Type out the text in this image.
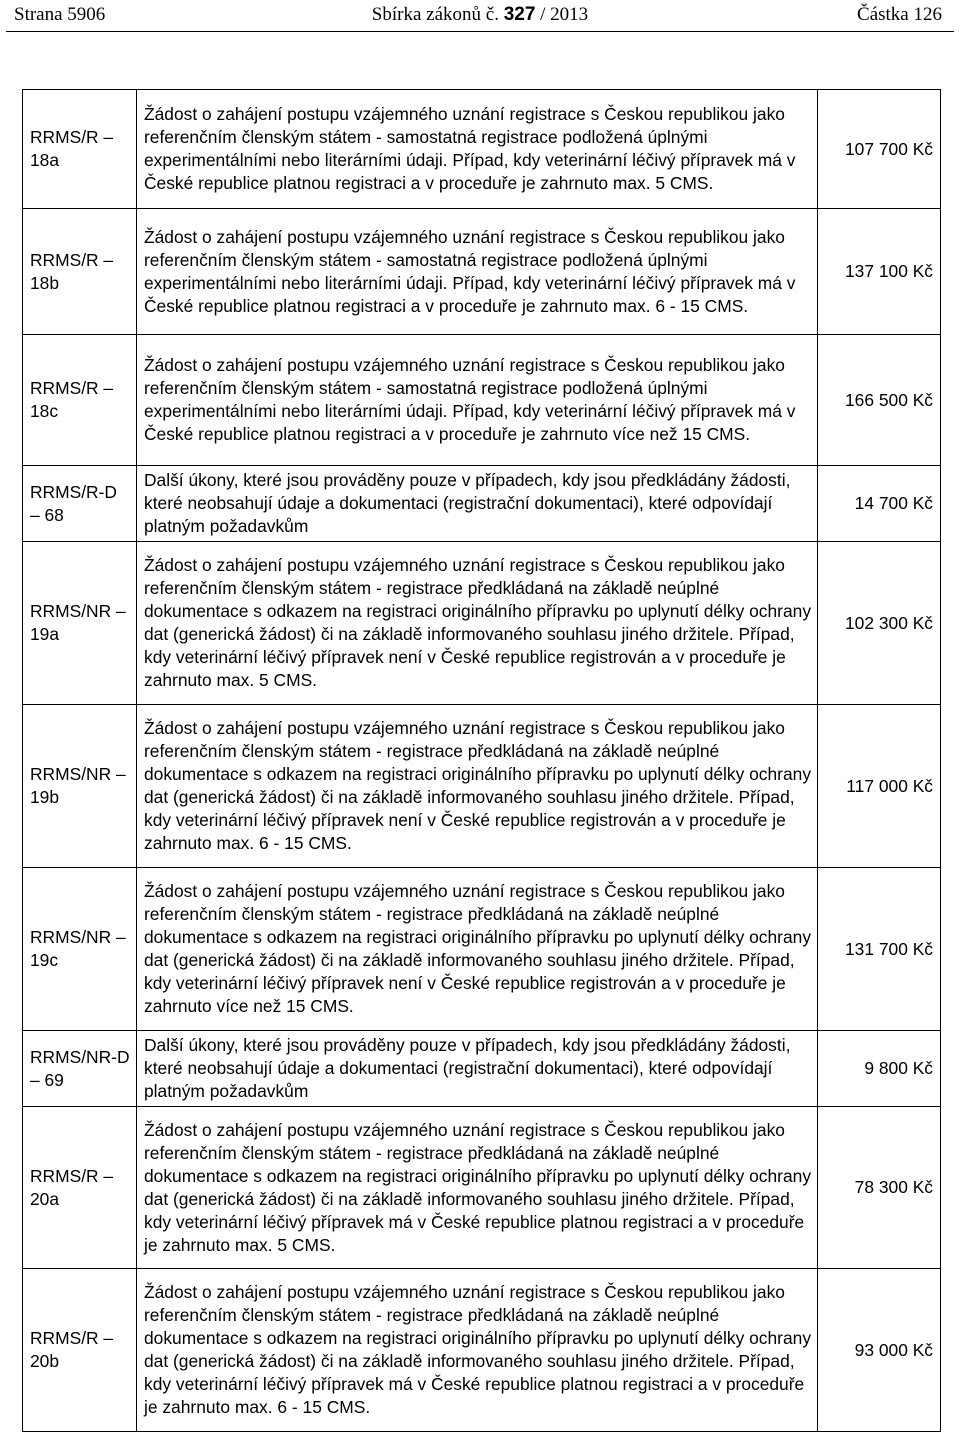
Strana 5906	Sbírka zákonů č. 327 / 2013	Částka 126
RRMS/R – 18a	Žádost o zahájení postupu vzájemného uznání registrace s Českou republikou jako referenčním členským státem - samostatná registrace podložená úplnými experimentálními nebo literárními údaji. Případ, kdy veterinární léčivý přípravek má v České republice platnou registraci a v proceduře je zahrnuto max. 5 CMS.	107 700 Kč
RRMS/R – 18b	Žádost o zahájení postupu vzájemného uznání registrace s Českou republikou jako referenčním členským státem - samostatná registrace podložená úplnými experimentálními nebo literárními údaji. Případ, kdy veterinární léčivý přípravek má v České republice platnou registraci a v proceduře je zahrnuto max. 6 - 15 CMS.	137 100 Kč
RRMS/R – 18c	Žádost o zahájení postupu vzájemného uznání registrace s Českou republikou jako referenčním členským státem - samostatná registrace podložená úplnými experimentálními nebo literárními údaji. Případ, kdy veterinární léčivý přípravek má v České republice platnou registraci a v proceduře je zahrnuto více než 15 CMS.	166 500 Kč
RRMS/R-D – 68	Další úkony, které jsou prováděny pouze v případech, kdy jsou předkládány žádosti, které neobsahují údaje a dokumentaci (registrační dokumentaci), které odpovídají platným požadavkům	14 700 Kč
RRMS/NR – 19a	Žádost o zahájení postupu vzájemného uznání registrace s Českou republikou jako referenčním členským státem - registrace předkládaná na základě neúplné dokumentace s odkazem na registraci originálního přípravku po uplynutí délky ochrany dat (generická žádost) či na základě informovaného souhlasu jiného držitele. Případ, kdy veterinární léčivý přípravek není v České republice registrován a v proceduře je zahrnuto max. 5 CMS.	102 300 Kč
RRMS/NR – 19b	Žádost o zahájení postupu vzájemného uznání registrace s Českou republikou jako referenčním členským státem - registrace předkládaná na základě neúplné dokumentace s odkazem na registraci originálního přípravku po uplynutí délky ochrany dat (generická žádost) či na základě informovaného souhlasu jiného držitele. Případ, kdy veterinární léčivý přípravek není v České republice registrován a v proceduře je zahrnuto max. 6 - 15 CMS.	117 000 Kč
RRMS/NR – 19c	Žádost o zahájení postupu vzájemného uznání registrace s Českou republikou jako referenčním členským státem - registrace předkládaná na základě neúplné dokumentace s odkazem na registraci originálního přípravku po uplynutí délky ochrany dat (generická žádost) či na základě informovaného souhlasu jiného držitele. Případ, kdy veterinární léčivý přípravek není v České republice registrován a v proceduře je zahrnuto více než 15 CMS.	131 700 Kč
RRMS/NR-D – 69	Další úkony, které jsou prováděny pouze v případech, kdy jsou předkládány žádosti, které neobsahují údaje a dokumentaci (registrační dokumentaci), které odpovídají platným požadavkům	9 800 Kč
RRMS/R – 20a	Žádost o zahájení postupu vzájemného uznání registrace s Českou republikou jako referenčním členským státem - registrace předkládaná na základě neúplné dokumentace s odkazem na registraci originálního přípravku po uplynutí délky ochrany dat (generická žádost) či na základě informovaného souhlasu jiného držitele. Případ, kdy veterinární léčivý přípravek má v České republice platnou registraci a v proceduře je zahrnuto max. 5 CMS.	78 300 Kč
RRMS/R – 20b	Žádost o zahájení postupu vzájemného uznání registrace s Českou republikou jako referenčním členským státem - registrace předkládaná na základě neúplné dokumentace s odkazem na registraci originálního přípravku po uplynutí délky ochrany dat (generická žádost) či na základě informovaného souhlasu jiného držitele. Případ, kdy veterinární léčivý přípravek má v České republice platnou registraci a v proceduře je zahrnuto max. 6 - 15 CMS.	93 000 Kč
